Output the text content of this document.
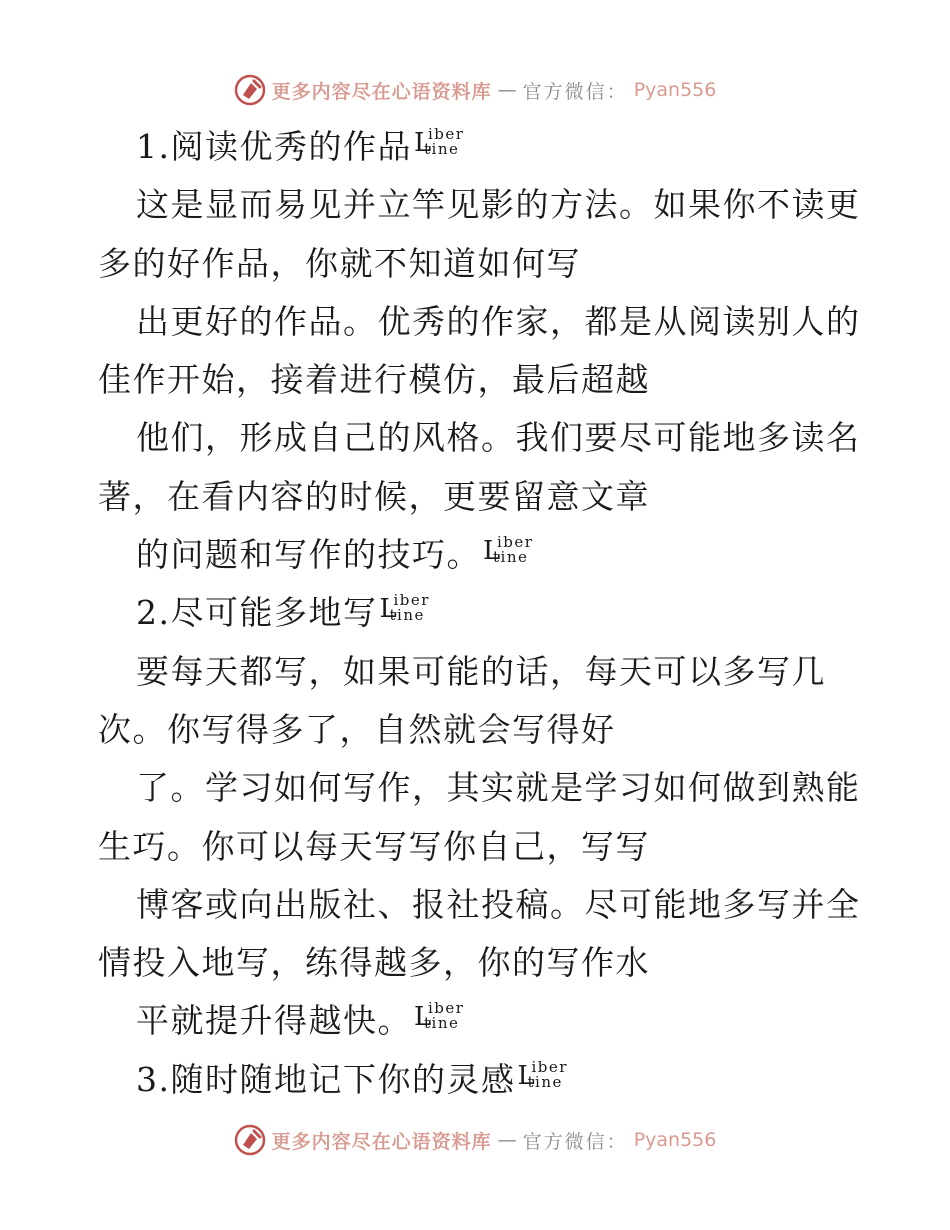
更多内容尽在心语资料库 — 官方微信： Pyan556
1.阅读优秀的作品 L
iber
tine
这是显而易见并立竿见影的方法。如果你不读更
多的好作品，你就不知道如何写
出更好的作品。优秀的作家，都是从阅读别人的
佳作开始，接着进行模仿，最后超越
他们，形成自己的风格。我们要尽可能地多读名
著，在看内容的时候，更要留意文章
的问题和写作的技巧。 L
iber
tine
2.尽可能多地写 L
iber
tine
要每天都写，如果可能的话，每天可以多写几
次。你写得多了，自然就会写得好
了。学习如何写作，其实就是学习如何做到熟能
生巧。你可以每天写写你自己，写写
博客或向出版社、报社投稿。尽可能地多写并全
情投入地写，练得越多，你的写作水
平就提升得越快。 L
iber
tine
3.随时随地记下你的灵感 L
iber
tine
更多内容尽在心语资料库 — 官方微信： Pyan556
